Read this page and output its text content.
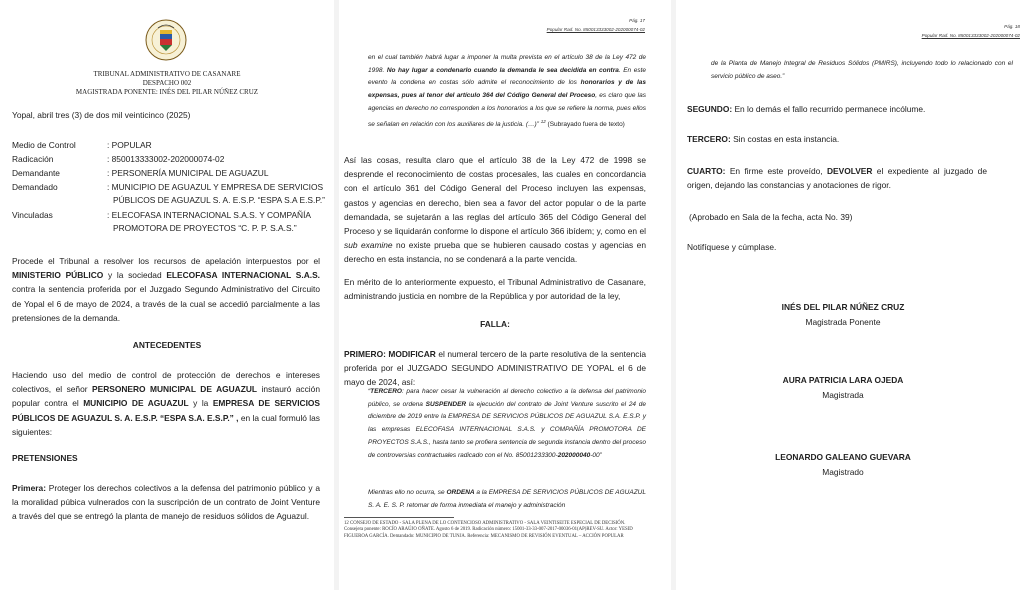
TRIBUNAL ADMINISTRATIVO DE CASANARE

DESPACHO 002

MAGISTRADA PONENTE: INÉS DEL PILAR NÚÑEZ CRUZ

Yopal, abril tres (3) de dos mil veinticinco (2025)

Medio de Control	: POPULAR

Radicación	: 850013333002-202000074-02

Demandante	: PERSONERÍA MUNICIPAL DE AGUAZUL

Demandado	: MUNICIPIO DE AGUAZUL Y EMPRESA DE SERVICIOS

PÚBLICOS DE AGUAZUL S. A. E.S.P. “ESPA S.A E.S.P.”

Vinculadas	: ELECOFASA INTERNACIONAL S.A.S. Y COMPAÑÍA

PROMOTORA DE PROYECTOS “C. P. P. S.A.S.”

Procede el Tribunal a resolver los recursos de apelación interpuestos por el MINISTERIO PÚBLICO y la sociedad ELECOFASA INTERNACIONAL S.A.S. contra la sentencia proferida por el Juzgado Segundo Administrativo del Circuito de Yopal el 6 de mayo de 2024, a través de la cual se accedió parcialmente a las pretensiones de la demanda.

ANTECEDENTES

Haciendo uso del medio de control de protección de derechos e intereses colectivos, el señor PERSONERO MUNICIPAL DE AGUAZUL instauró acción popular contra el MUNICIPIO DE AGUAZUL y la EMPRESA DE SERVICIOS PÚBLICOS DE AGUAZUL S. A. E.S.P. “ESPA S.A. E.S.P.” , en la cual formuló las siguientes:

PRETENSIONES

Primera: Proteger los derechos colectivos a la defensa del patrimonio público y a la moralidad púbica vulnerados con la suscripción de un contrato de Joint Venture a través del que se entregó la planta de manejo de residuos sólidos de Aguazul.

Pág. 17

Popular Rad. No. 850013333002-202000074-02

en el cual también habrá lugar a imponer la multa prevista en el artículo 38 de la Ley 472 de 1998. No hay lugar a condenarlo cuando la demanda le sea decidida en contra. En este evento la condena en costas sólo admite el reconocimiento de los honorarios y de las expensas, pues al tenor del artículo 364 del Código General del Proceso, es claro que las agencias en derecho no corresponden a los honorarios a los que se refiere la norma, pues ellos se señalan en relación con los auxiliares de la justicia. (…)” $^{12}$ (Subrayado fuera de texto)

Así las cosas, resulta claro que el artículo 38 de la Ley 472 de 1998 se desprende el reconocimiento de costas procesales, las cuales en concordancia con el artículo 361 del Código General del Proceso incluyen las expensas, gastos y agencias en derecho, bien sea a favor del actor popular o de la parte demandada, se sujetarán a las reglas del artículo 365 del Código General del Proceso y se liquidarán conforme lo dispone el artículo 366 ibídem; y, como en el sub examine no existe prueba que se hubieren causado costas y agencias en derecho en esta instancia, no se condenará a la parte vencida.

En mérito de lo anteriormente expuesto, el Tribunal Administrativo de Casanare, administrando justicia en nombre de la República y por autoridad de la ley,

FALLA:

PRIMERO: MODIFICAR el numeral tercero de la parte resolutiva de la sentencia proferida por el JUZGADO SEGUNDO ADMINISTRATIVO DE YOPAL el 6 de mayo de 2024, así:

“TERCERO: para hacer cesar la vulneración al derecho colectivo a la defensa del patrimonio público, se ordena SUSPENDER la ejecución del contrato de Joint Venture suscrito el 24 de diciembre de 2019 entre la EMPRESA DE SERVICIOS PÚBLICOS DE AGUAZUL S.A. E.S.P. y las empresas ELECOFASA INTERNACIONAL S.A.S. y COMPAÑÍA PROMOTORA DE PROYECTOS S.A.S., hasta tanto se profiera sentencia de segunda instancia dentro del proceso de controversias contractuales radicado con el No. 85001233300-202000040-00”

Mientras ello no ocurra, se ORDENA a la EMPRESA DE SERVICIOS PÚBLICOS DE AGUAZUL S. A. E. S. P. retomar de forma inmediata el manejo y administración

12 CONSEJO DE ESTADO - SALA PLENA DE LO CONTENCIOSO ADMINISTRATIVO - SALA VEINTISEITE ESPECIAL DE DECISIÓN. Consejera ponente: ROCÍO ARAÚJO OÑATE. Agosto 6 de 2019. Radicación número: 15001-33-33-007-2017-00036-01(AP)REV-SU. Actor: YESID FIGUEROA GARCÍA. Demandado: MUNICIPIO DE TUNJA. Referencia: MECANISMO DE REVISIÓN EVENTUAL – ACCIÓN POPULAR

Pág. 18

Popular Rad. No. 850013333002-202000074-02

de la Planta de Manejo Integral de Residuos Sólidos (PMIRS), incluyendo todo lo relacionado con el servicio público de aseo.”

SEGUNDO: En lo demás el fallo recurrido permanece incólume.

TERCERO: Sin costas en esta instancia.

CUARTO: En firme este proveído, DEVOLVER el expediente al juzgado de origen, dejando las constancias y anotaciones de rigor.

(Aprobado en Sala de la fecha, acta No. 39)

Notifíquese y cúmplase.

INÉS DEL PILAR NÚÑEZ CRUZ

Magistrada Ponente

AURA PATRICIA LARA OJEDA

Magistrada

LEONARDO GALEANO GUEVARA

Magistrado
